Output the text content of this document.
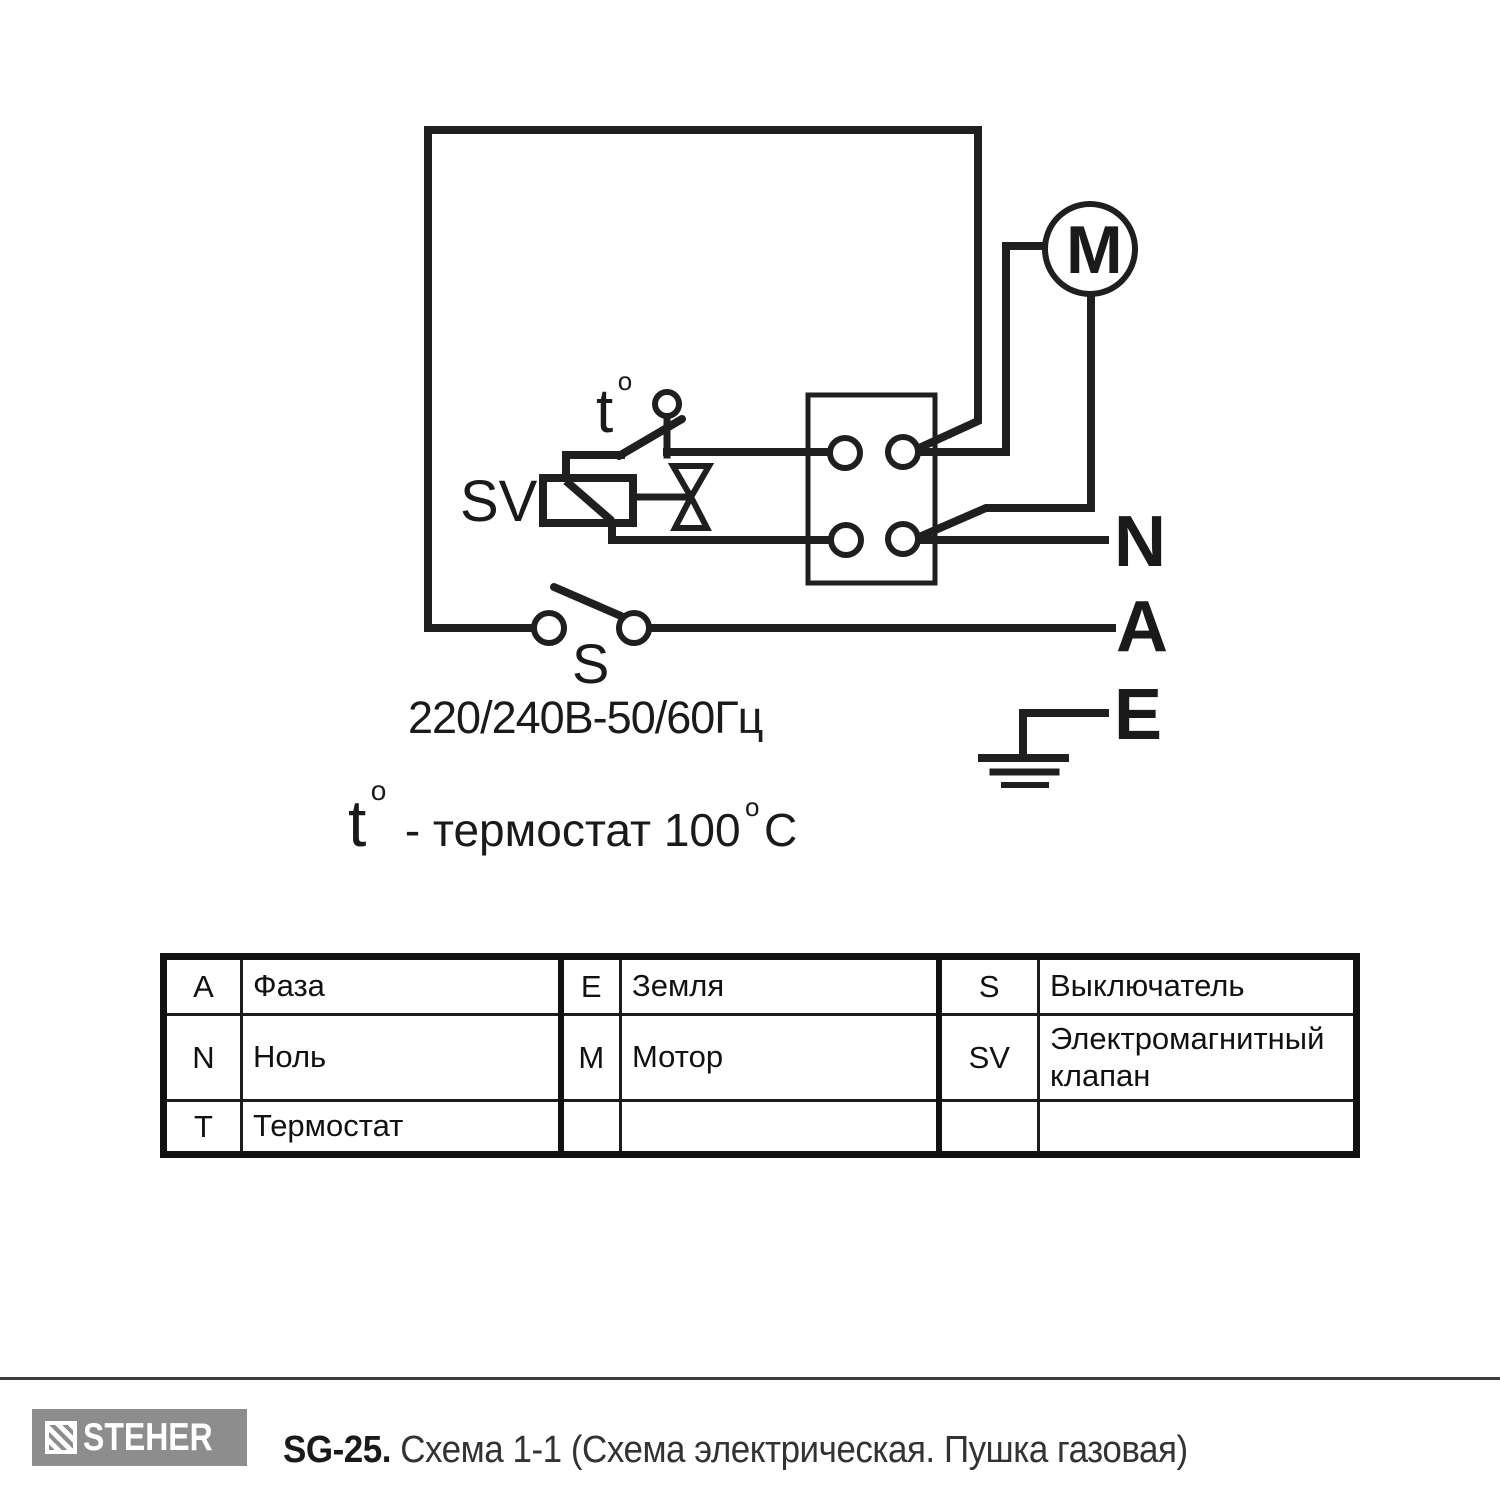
M
N
A
E
S
SV
t o
220/240В-50/60Гц
t o - термостат 100 o C
A	Фаза	E	Земля	S	Выключатель
N	Ноль	M	Мотор	SV	Электромагнитный клапан
T	Термостат				
STEHER SG-25. Схема 1-1 (Схема электрическая. Пушка газовая)
